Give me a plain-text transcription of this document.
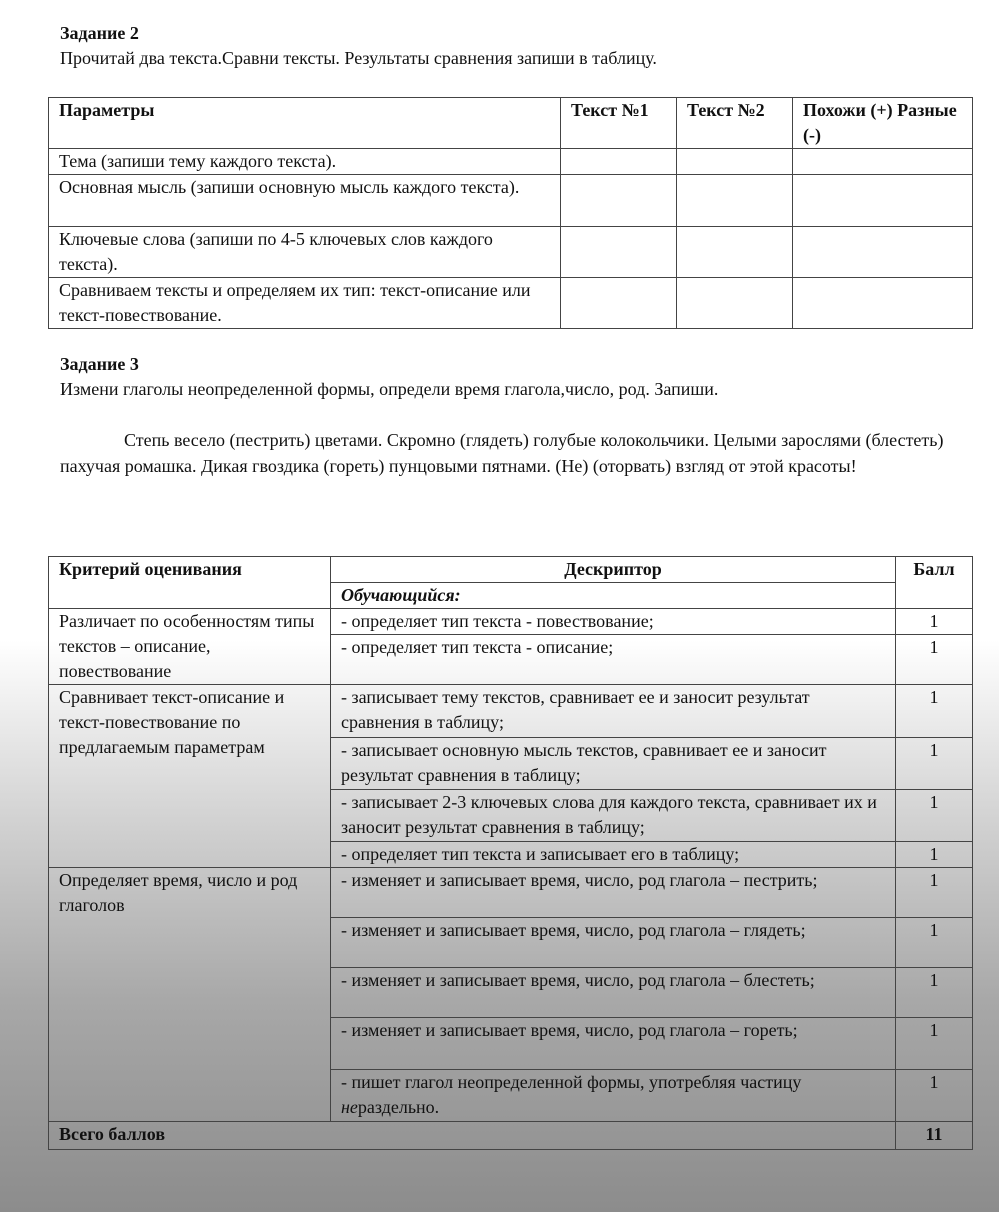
Задание 2
Прочитай два текста.Сравни тексты. Результаты сравнения запиши в таблицу.
Параметры	Текст №1	Текст №2	Похожи (+) Разные (-)
Тема (запиши тему каждого текста).			
Основная мысль (запиши основную мысль каждого текста).			
Ключевые слова (запиши по 4-5 ключевых слов каждого текста).			
Сравниваем тексты и определяем их тип: текст-описание или текст-повествование.			
Задание 3
Измени глаголы неопределенной формы, определи время глагола,число, род. Запиши.
Степь весело (пестрить) цветами. Скромно (глядеть) голубые колокольчики. Целыми зарослями (блестеть) пахучая ромашка. Дикая гвоздика (гореть) пунцовыми пятнами. (Не) (оторвать) взгляд от этой красоты!
Критерий оценивания	Дескриптор	Балл
	Обучающийся:	
Различает по особенностям типы текстов – описание, повествование	- определяет тип текста - повествование;	1
	- определяет тип текста - описание;	1
Сравнивает текст-описание и текст-повествование по предлагаемым параметрам	- записывает тему текстов, сравнивает ее и заносит результат сравнения в таблицу;	1
	- записывает основную мысль текстов, сравнивает ее и заносит результат сравнения в таблицу;	1
	- записывает 2-3 ключевых слова для каждого текста, сравнивает их и заносит результат сравнения в таблицу;	1
	- определяет тип текста и записывает его в таблицу;	1
Определяет время, число и род глаголов	- изменяет и записывает время, число, род глагола – пестрить;	1
	- изменяет и записывает время, число, род глагола – глядеть;	1
	- изменяет и записывает время, число, род глагола – блестеть;	1
	- изменяет и записывает время, число, род глагола – гореть;	1
	- пишет глагол неопределенной формы, употребляя частицу нераздельно.	1
Всего баллов		11
